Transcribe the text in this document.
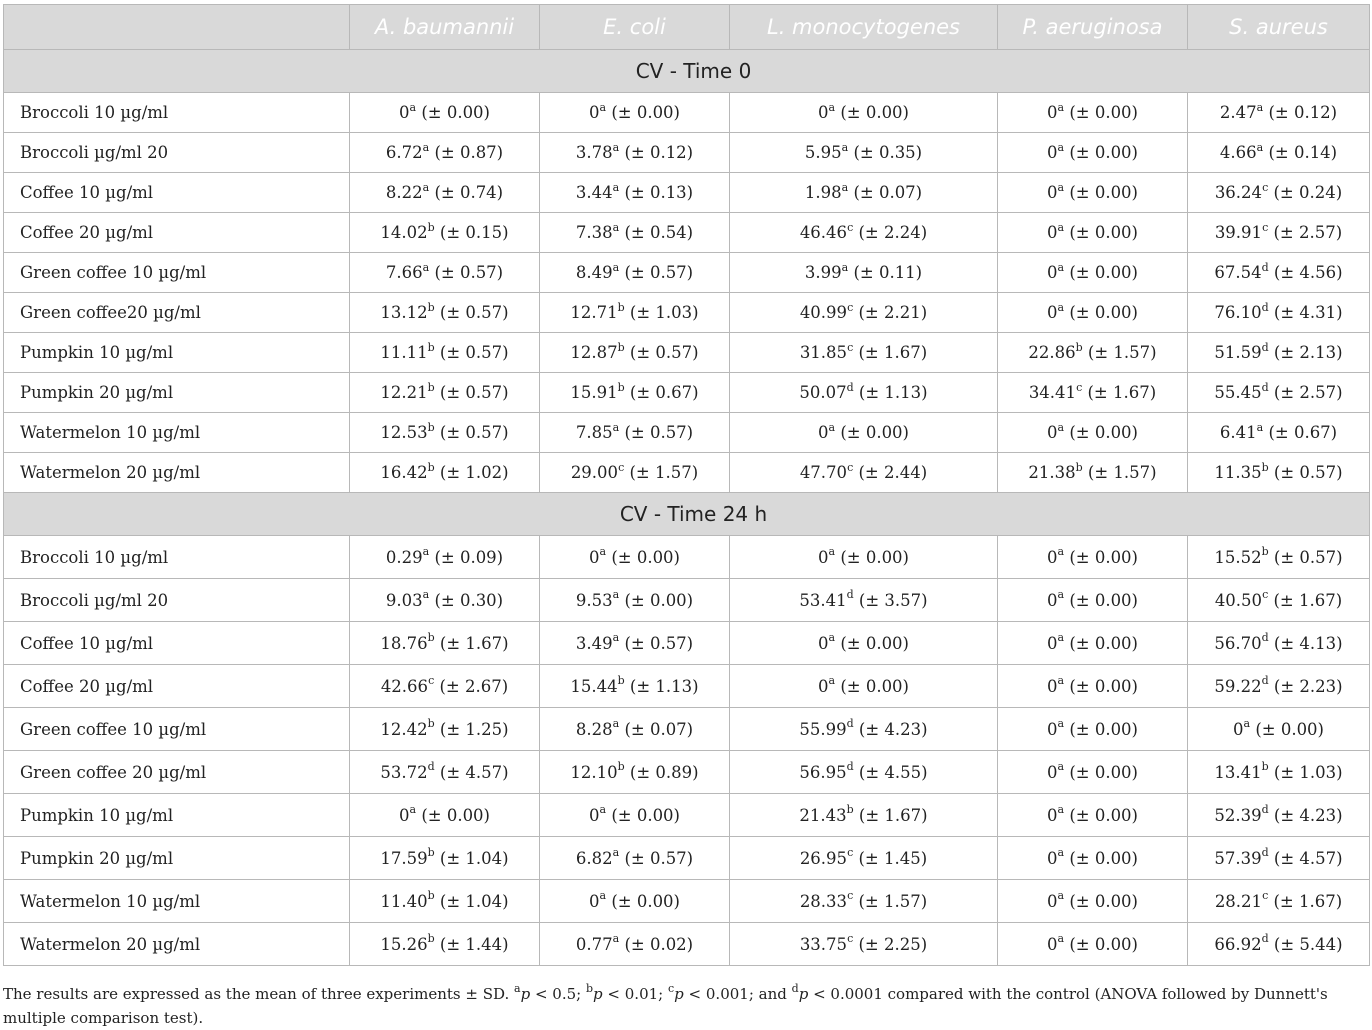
	A. baumannii	E. coli	L. monocytogenes	P. aeruginosa	S. aureus
CV - Time 0					
Broccoli 10 µg/ml	0$^a$ (± 0.00)	0$^a$ (± 0.00)	0$^a$ (± 0.00)	0$^a$ (± 0.00)	2.47$^a$ (± 0.12)
Broccoli µg/ml 20	6.72$^a$ (± 0.87)	3.78$^a$ (± 0.12)	5.95$^a$ (± 0.35)	0$^a$ (± 0.00)	4.66$^a$ (± 0.14)
Coffee 10 µg/ml	8.22$^a$ (± 0.74)	3.44$^a$ (± 0.13)	1.98$^a$ (± 0.07)	0$^a$ (± 0.00)	36.24$^c$ (± 0.24)
Coffee 20 µg/ml	14.02$^b$ (± 0.15)	7.38$^a$ (± 0.54)	46.46$^c$ (± 2.24)	0$^a$ (± 0.00)	39.91$^c$ (± 2.57)
Green coffee 10 µg/ml	7.66$^a$ (± 0.57)	8.49$^a$ (± 0.57)	3.99$^a$ (± 0.11)	0$^a$ (± 0.00)	67.54$^d$ (± 4.56)
Green coffee20 µg/ml	13.12$^b$ (± 0.57)	12.71$^b$ (± 1.03)	40.99$^c$ (± 2.21)	0$^a$ (± 0.00)	76.10$^d$ (± 4.31)
Pumpkin 10 µg/ml	11.11$^b$ (± 0.57)	12.87$^b$ (± 0.57)	31.85$^c$ (± 1.67)	22.86$^b$ (± 1.57)	51.59$^d$ (± 2.13)
Pumpkin 20 µg/ml	12.21$^b$ (± 0.57)	15.91$^b$ (± 0.67)	50.07$^d$ (± 1.13)	34.41$^c$ (± 1.67)	55.45$^d$ (± 2.57)
Watermelon 10 µg/ml	12.53$^b$ (± 0.57)	7.85$^a$ (± 0.57)	0$^a$ (± 0.00)	0$^a$ (± 0.00)	6.41$^a$ (± 0.67)
Watermelon 20 µg/ml	16.42$^b$ (± 1.02)	29.00$^c$ (± 1.57)	47.70$^c$ (± 2.44)	21.38$^b$ (± 1.57)	11.35$^b$ (± 0.57)
CV - Time 24 h					
Broccoli 10 µg/ml	0.29$^a$ (± 0.09)	0$^a$ (± 0.00)	0$^a$ (± 0.00)	0$^a$ (± 0.00)	15.52$^b$ (± 0.57)
Broccoli µg/ml 20	9.03$^a$ (± 0.30)	9.53$^a$ (± 0.00)	53.41$^d$ (± 3.57)	0$^a$ (± 0.00)	40.50$^c$ (± 1.67)
Coffee 10 µg/ml	18.76$^b$ (± 1.67)	3.49$^a$ (± 0.57)	0$^a$ (± 0.00)	0$^a$ (± 0.00)	56.70$^d$ (± 4.13)
Coffee 20 µg/ml	42.66$^c$ (± 2.67)	15.44$^b$ (± 1.13)	0$^a$ (± 0.00)	0$^a$ (± 0.00)	59.22$^d$ (± 2.23)
Green coffee 10 µg/ml	12.42$^b$ (± 1.25)	8.28$^a$ (± 0.07)	55.99$^d$ (± 4.23)	0$^a$ (± 0.00)	0$^a$ (± 0.00)
Green coffee 20 µg/ml	53.72$^d$ (± 4.57)	12.10$^b$ (± 0.89)	56.95$^d$ (± 4.55)	0$^a$ (± 0.00)	13.41$^b$ (± 1.03)
Pumpkin 10 µg/ml	0$^a$ (± 0.00)	0$^a$ (± 0.00)	21.43$^b$ (± 1.67)	0$^a$ (± 0.00)	52.39$^d$ (± 4.23)
Pumpkin 20 µg/ml	17.59$^b$ (± 1.04)	6.82$^a$ (± 0.57)	26.95$^c$ (± 1.45)	0$^a$ (± 0.00)	57.39$^d$ (± 4.57)
Watermelon 10 µg/ml	11.40$^b$ (± 1.04)	0$^a$ (± 0.00)	28.33$^c$ (± 1.57)	0$^a$ (± 0.00)	28.21$^c$ (± 1.67)
Watermelon 20 µg/ml	15.26$^b$ (± 1.44)	0.77$^a$ (± 0.02)	33.75$^c$ (± 2.25)	0$^a$ (± 0.00)	66.92$^d$ (± 5.44)
The results are expressed as the mean of three experiments ± SD. $^a$p < 0.5; $^b$p < 0.01; $^c$p < 0.001; and $^d$p < 0.0001 compared with the control (ANOVA followed by Dunnett's multiple comparison test).
